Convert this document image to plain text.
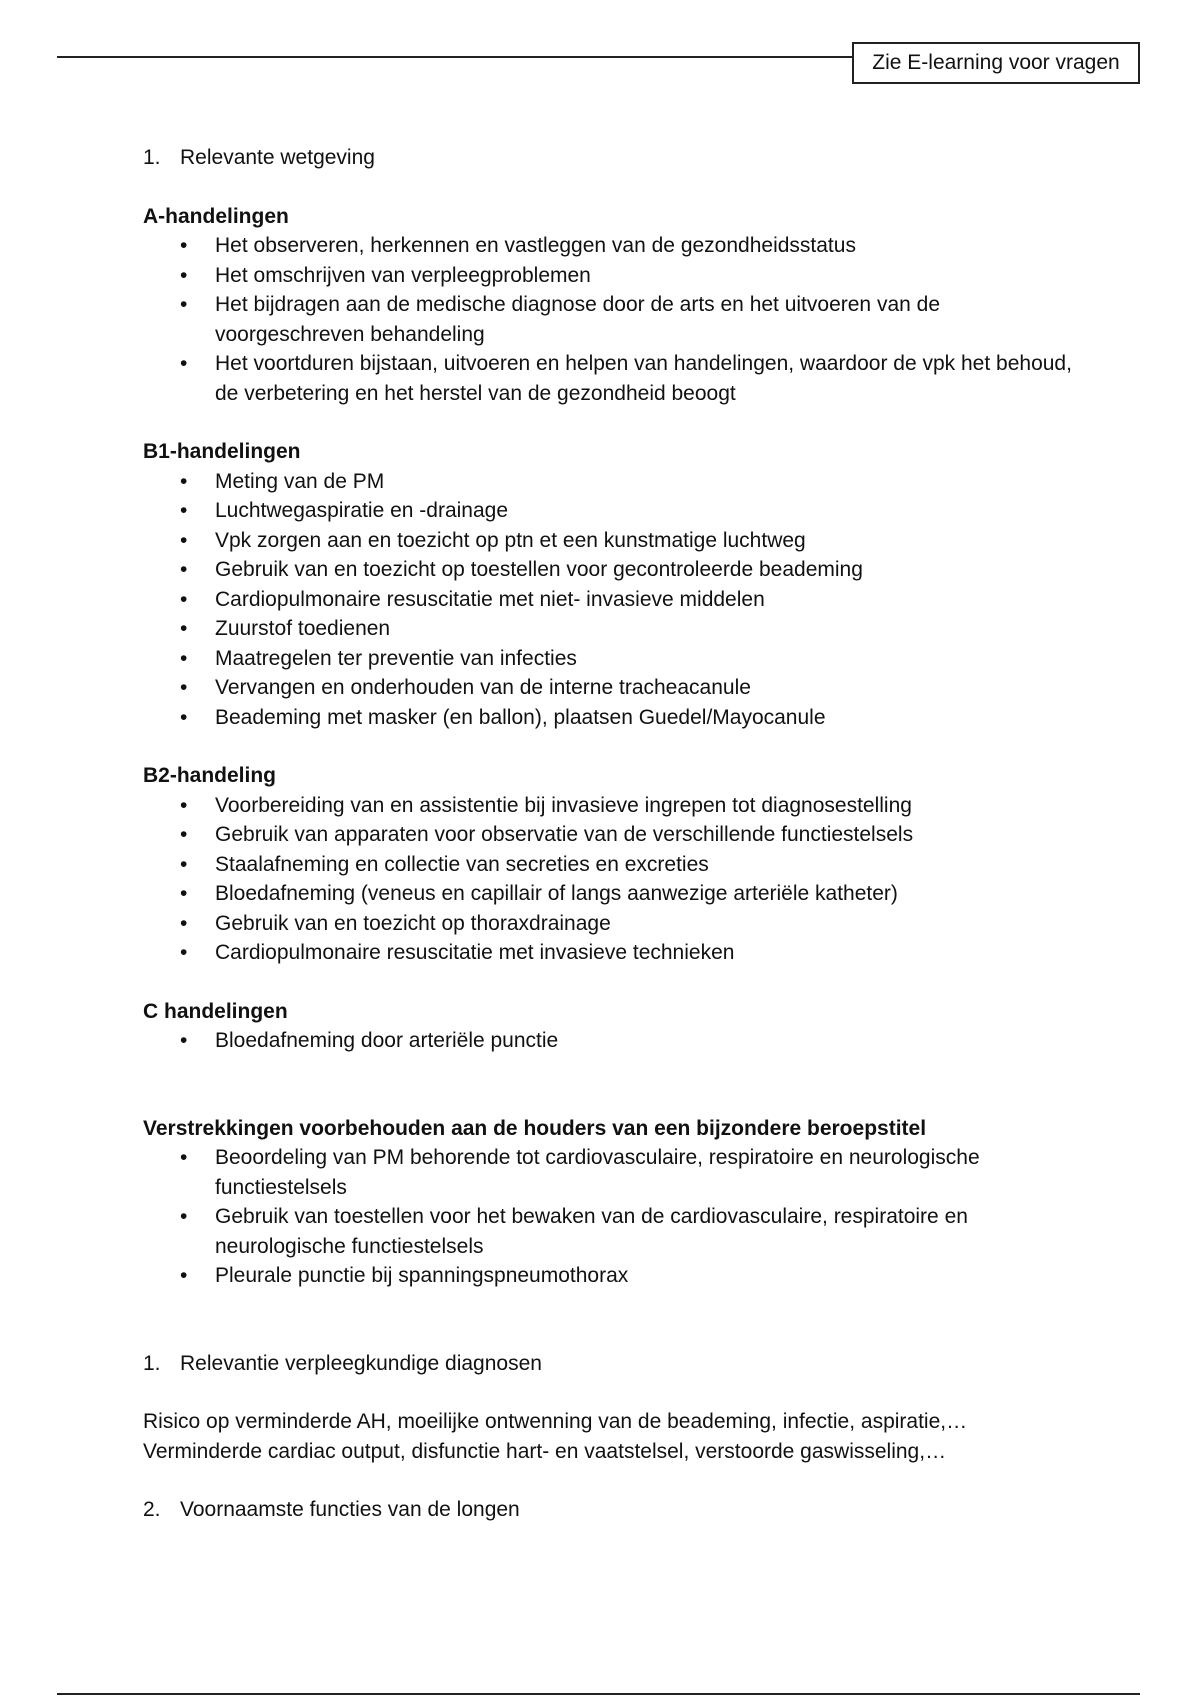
Zie E-learning voor vragen
1. Relevante wetgeving

A-handelingen

• Het observeren, herkennen en vastleggen van de gezondheidsstatus
• Het omschrijven van verpleegproblemen
• Het bijdragen aan de medische diagnose door de arts en het uitvoeren van de voorgeschreven behandeling
• Het voortduren bijstaan, uitvoeren en helpen van handelingen, waardoor de vpk het behoud, de verbetering en het herstel van de gezondheid beoogt

B1-handelingen

• Meting van de PM
• Luchtwegaspiratie en -drainage
• Vpk zorgen aan en toezicht op ptn et een kunstmatige luchtweg
• Gebruik van en toezicht op toestellen voor gecontroleerde beademing
• Cardiopulmonaire resuscitatie met niet- invasieve middelen
• Zuurstof toedienen
• Maatregelen ter preventie van infecties
• Vervangen en onderhouden van de interne tracheacanule
• Beademing met masker (en ballon), plaatsen Guedel/Mayocanule

B2-handeling

• Voorbereiding van en assistentie bij invasieve ingrepen tot diagnosestelling
• Gebruik van apparaten voor observatie van de verschillende functiestelsels
• Staalafneming en collectie van secreties en excreties
• Bloedafneming (veneus en capillair of langs aanwezige arteriële katheter)
• Gebruik van en toezicht op thoraxdrainage
• Cardiopulmonaire resuscitatie met invasieve technieken

C handelingen

• Bloedafneming door arteriële punctie

Verstrekkingen voorbehouden aan de houders van een bijzondere beroepstitel

• Beoordeling van PM behorende tot cardiovasculaire, respiratoire en neurologische functiestelsels
• Gebruik van toestellen voor het bewaken van de cardiovasculaire, respiratoire en neurologische functiestelsels
• Pleurale punctie bij spanningspneumothorax
1. Relevantie verpleegkundige diagnosen

Risico op verminderde AH, moeilijke ontwenning van de beademing, infectie, aspiratie,…

Verminderde cardiac output, disfunctie hart- en vaatstelsel, verstoorde gaswisseling,…

2. Voornaamste functies van de longen
